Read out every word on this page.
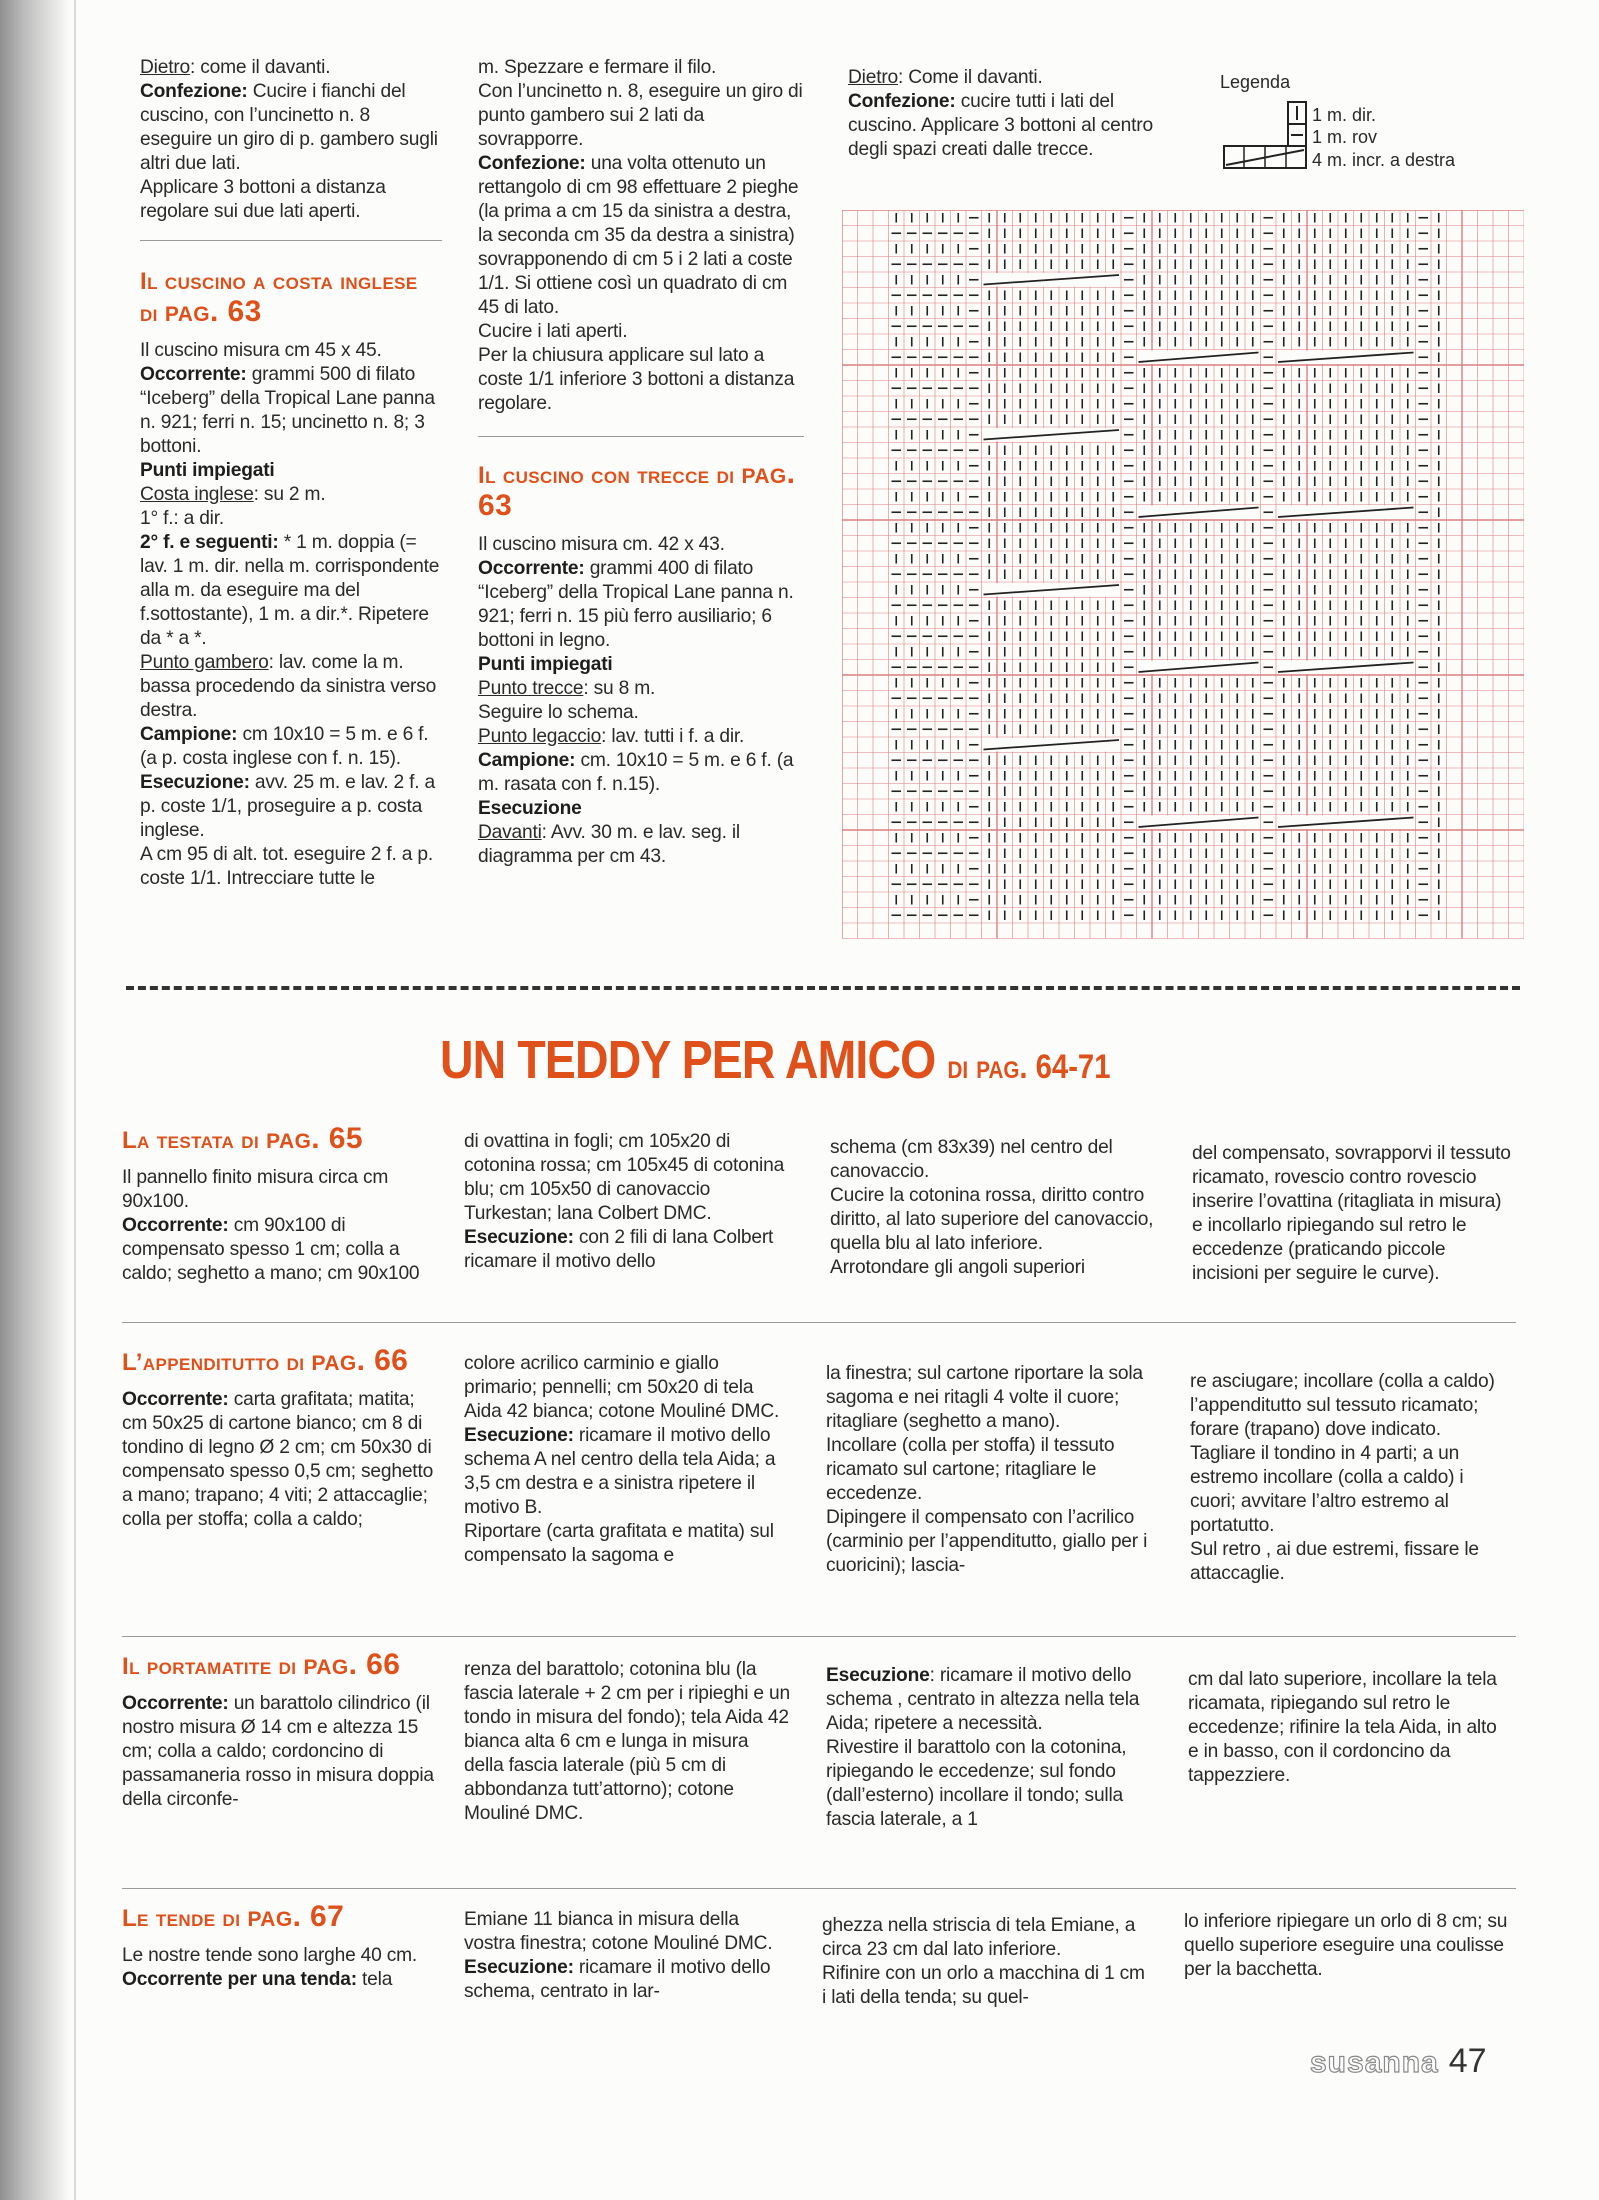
Dietro: come il davanti.

Confezione: Cucire i fianchi del cuscino, con l’uncinetto n. 8 eseguire un giro di p. gambero sugli altri due lati.

Applicare 3 bottoni a distanza regolare sui due lati aperti.

Il cuscino a costa inglese di pag. 63

Il cuscino misura cm 45 x 45.

Occorrente: grammi 500 di filato “Iceberg” della Tropical Lane panna n. 921; ferri n. 15; uncinetto n. 8; 3 bottoni.

Punti impiegati

Costa inglese: su 2 m.

1° f.: a dir.

2° f. e seguenti: * 1 m. doppia (= lav. 1 m. dir. nella m. corrispondente alla m. da eseguire ma del f.sottostante), 1 m. a dir.*. Ripetere da * a *.

Punto gambero: lav. come la m. bassa procedendo da sinistra verso destra.

Campione: cm 10x10 = 5 m. e 6 f. (a p. costa inglese con f. n. 15).

Esecuzione: avv. 25 m. e lav. 2 f. a p. coste 1/1, proseguire a p. costa inglese.

A cm 95 di alt. tot. eseguire 2 f. a p. coste 1/1. Intrecciare tutte le

m. Spezzare e fermare il filo.

Con l’uncinetto n. 8, eseguire un giro di punto gambero sui 2 lati da sovrapporre.

Confezione: una volta ottenuto un rettangolo di cm 98 effettuare 2 pieghe (la prima a cm 15 da sinistra a destra, la seconda cm 35 da destra a sinistra) sovrapponendo di cm 5 i 2 lati a coste 1/1. Si ottiene così un quadrato di cm 45 di lato.

Cucire i lati aperti.

Per la chiusura applicare sul lato a coste 1/1 inferiore 3 bottoni a distanza regolare.

Il cuscino con trecce di pag. 63

Il cuscino misura cm. 42 x 43.

Occorrente: grammi 400 di filato “Iceberg” della Tropical Lane panna n. 921; ferri n. 15 più ferro ausiliario; 6 bottoni in legno.

Punti impiegati

Punto trecce: su 8 m.

Seguire lo schema.

Punto legaccio: lav. tutti i f. a dir.

Campione: cm. 10x10 = 5 m. e 6 f. (a m. rasata con f. n.15).

Esecuzione

Davanti: Avv. 30 m. e lav. seg. il diagramma per cm 43.

Dietro: Come il davanti.

Confezione: cucire tutti i lati del cuscino. Applicare 3 bottoni al centro degli spazi creati dalle trecce.

Legenda
1 m. dir.
1 m. rov
4 m. incr. a destra
UN TEDDY PER AMICO di pag. 64-71
La testata di pag. 65

Il pannello finito misura circa cm 90x100.

Occorrente: cm 90x100 di compensato spesso 1 cm; colla a caldo; seghetto a mano; cm 90x100

di ovattina in fogli; cm 105x20 di cotonina rossa; cm 105x45 di cotonina blu; cm 105x50 di canovaccio Turkestan; lana Colbert DMC.

Esecuzione: con 2 fili di lana Colbert ricamare il motivo dello

schema (cm 83x39) nel centro del canovaccio.

Cucire la cotonina rossa, diritto contro diritto, al lato superiore del canovaccio, quella blu al lato inferiore.

Arrotondare gli angoli superiori

del compensato, sovrapporvi il tessuto ricamato, rovescio contro rovescio inserire l’ovattina (ritagliata in misura) e incollarlo ripiegando sul retro le eccedenze (praticando piccole incisioni per seguire le curve).

L’appenditutto di pag. 66

Occorrente: carta grafitata; matita; cm 50x25 di cartone bianco; cm 8 di tondino di legno Ø 2 cm; cm 50x30 di compensato spesso 0,5 cm; seghetto a mano; trapano; 4 viti; 2 attaccaglie; colla per stoffa; colla a caldo;

colore acrilico carminio e giallo primario; pennelli; cm 50x20 di tela Aida 42 bianca; cotone Mouliné DMC.

Esecuzione: ricamare il motivo dello schema A nel centro della tela Aida; a 3,5 cm destra e a sinistra ripetere il motivo B.

Riportare (carta grafitata e matita) sul compensato la sagoma e

la finestra; sul cartone riportare la sola sagoma e nei ritagli 4 volte il cuore; ritagliare (seghetto a mano).

Incollare (colla per stoffa) il tessuto ricamato sul cartone; ritagliare le eccedenze.

Dipingere il compensato con l’acrilico (carminio per l’appenditutto, giallo per i cuoricini); lascia-

re asciugare; incollare (colla a caldo) l’appenditutto sul tessuto ricamato; forare (trapano) dove indicato.

Tagliare il tondino in 4 parti; a un estremo incollare (colla a caldo) i cuori; avvitare l’altro estremo al portatutto.

Sul retro , ai due estremi, fissare le attaccaglie.

Il portamatite di pag. 66

Occorrente: un barattolo cilindrico (il nostro misura Ø 14 cm e altezza 15 cm; colla a caldo; cordoncino di passamaneria rosso in misura doppia della circonfe-

renza del barattolo; cotonina blu (la fascia laterale + 2 cm per i ripieghi e un tondo in misura del fondo); tela Aida 42 bianca alta 6 cm e lunga in misura della fascia laterale (più 5 cm di abbondanza tutt’attorno); cotone Mouliné DMC.

Esecuzione: ricamare il motivo dello schema , centrato in altezza nella tela Aida; ripetere a necessità.

Rivestire il barattolo con la cotonina, ripiegando le eccedenze; sul fondo (dall’esterno) incollare il tondo; sulla fascia laterale, a 1

cm dal lato superiore, incollare la tela ricamata, ripiegando sul retro le eccedenze; rifinire la tela Aida, in alto e in basso, con il cordoncino da tappezziere.

Le tende di pag. 67

Le nostre tende sono larghe 40 cm.

Occorrente per una tenda: tela

Emiane 11 bianca in misura della vostra finestra; cotone Mouliné DMC.

Esecuzione: ricamare il motivo dello schema, centrato in lar-

ghezza nella striscia di tela Emiane, a circa 23 cm dal lato inferiore.

Rifinire con un orlo a macchina di 1 cm i lati della tenda; su quel-

lo inferiore ripiegare un orlo di 8 cm; su quello superiore eseguire una coulisse per la bacchetta.

susanna 47
